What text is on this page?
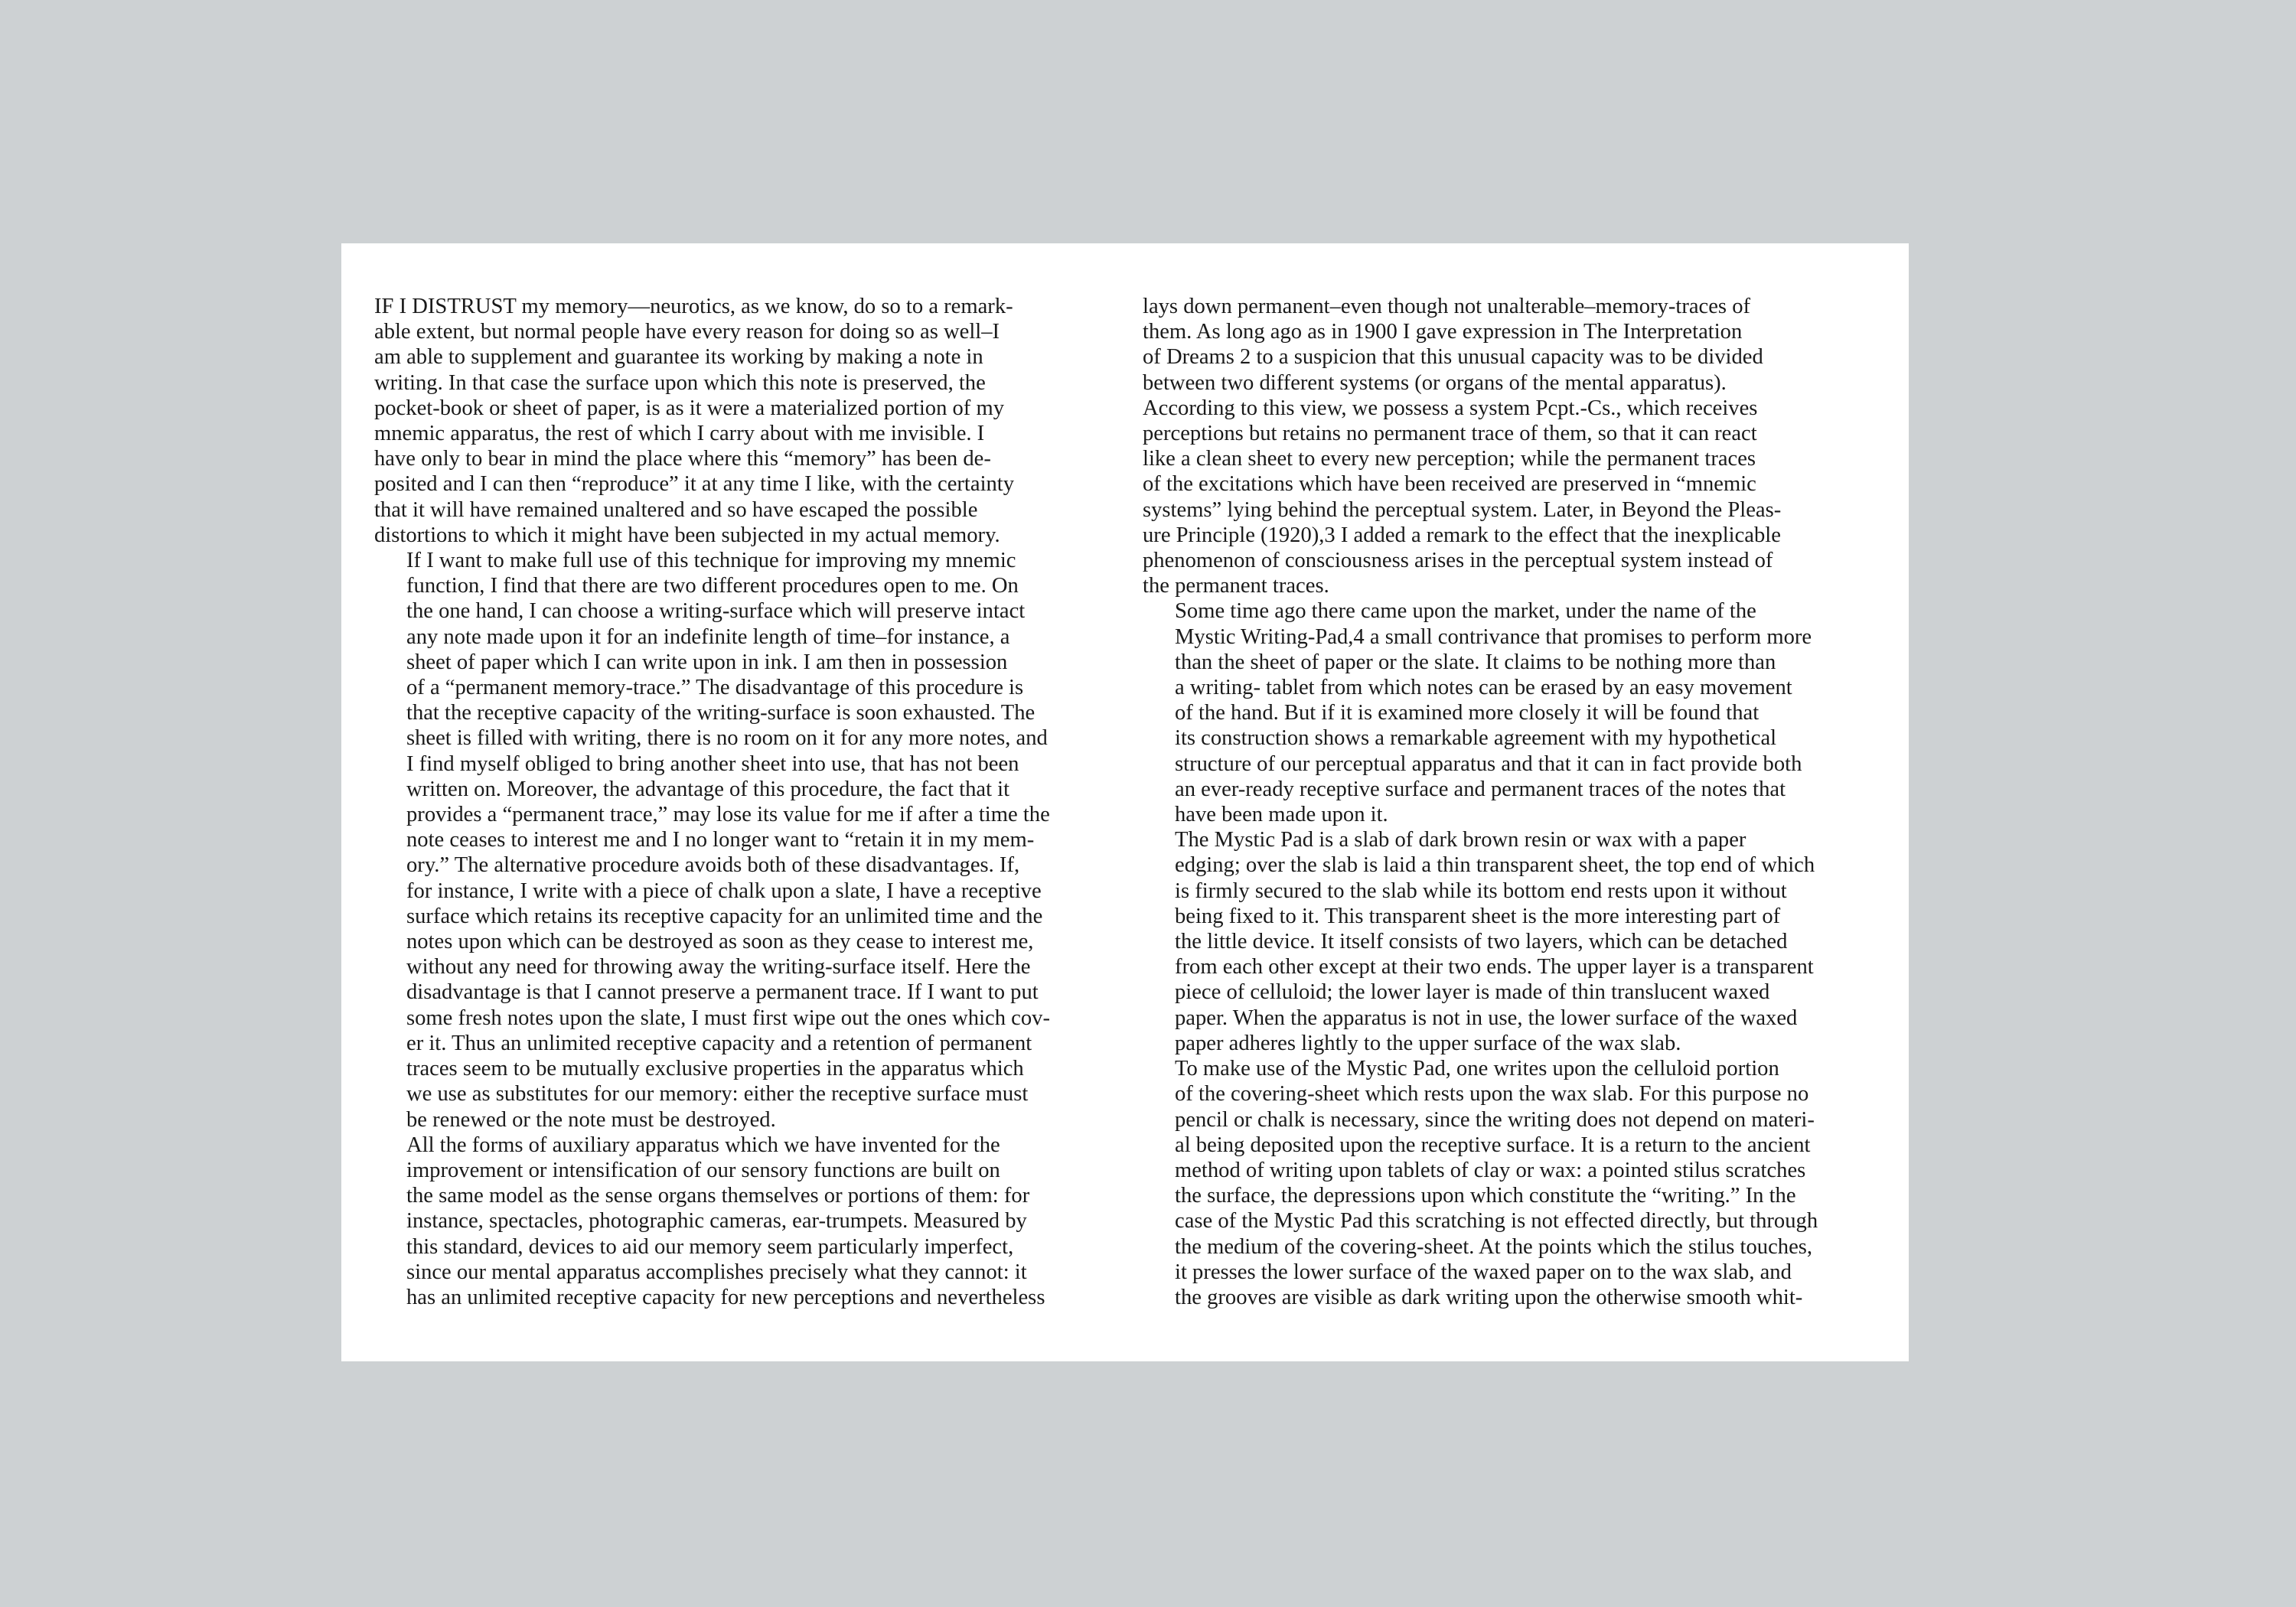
IF I DISTRUST my memory—neurotics, as we know, do so to a remark-
able extent, but normal people have every reason for doing so as well–I
am able to supplement and guarantee its working by making a note in
writing. In that case the surface upon which this note is preserved, the
pocket-book or sheet of paper, is as it were a materialized portion of my
mnemic apparatus, the rest of which I carry about with me invisible. I
have only to bear in mind the place where this “memory” has been de-
posited and I can then “reproduce” it at any time I like, with the certainty
that it will have remained unaltered and so have escaped the possible
distortions to which it might have been subjected in my actual memory.

If I want to make full use of this technique for improving my mnemic
function, I find that there are two different procedures open to me. On
the one hand, I can choose a writing-surface which will preserve intact
any note made upon it for an indefinite length of time–for instance, a
sheet of paper which I can write upon in ink. I am then in possession
of a “permanent memory-trace.” The disadvantage of this procedure is
that the receptive capacity of the writing-surface is soon exhausted. The
sheet is filled with writing, there is no room on it for any more notes, and
I find myself obliged to bring another sheet into use, that has not been
written on. Moreover, the advantage of this procedure, the fact that it
provides a “permanent trace,” may lose its value for me if after a time the
note ceases to interest me and I no longer want to “retain it in my mem-
ory.” The alternative procedure avoids both of these disadvantages. If,
for instance, I write with a piece of chalk upon a slate, I have a receptive
surface which retains its receptive capacity for an unlimited time and the
notes upon which can be destroyed as soon as they cease to interest me,
without any need for throwing away the writing-surface itself. Here the
disadvantage is that I cannot preserve a permanent trace. If I want to put
some fresh notes upon the slate, I must first wipe out the ones which cov-
er it. Thus an unlimited receptive capacity and a retention of permanent
traces seem to be mutually exclusive properties in the apparatus which
we use as substitutes for our memory: either the receptive surface must
be renewed or the note must be destroyed.

All the forms of auxiliary apparatus which we have invented for the
improvement or intensification of our sensory functions are built on
the same model as the sense organs themselves or portions of them: for
instance, spectacles, photographic cameras, ear-trumpets. Measured by
this standard, devices to aid our memory seem particularly imperfect,
since our mental apparatus accomplishes precisely what they cannot: it
has an unlimited receptive capacity for new perceptions and nevertheless

lays down permanent–even though not unalterable–memory-traces of
them. As long ago as in 1900 I gave expression in The Interpretation
of Dreams 2 to a suspicion that this unusual capacity was to be divided
between two different systems (or organs of the mental apparatus).
According to this view, we possess a system Pcpt.-Cs., which receives
perceptions but retains no permanent trace of them, so that it can react
like a clean sheet to every new perception; while the permanent traces
of the excitations which have been received are preserved in “mnemic
systems” lying behind the perceptual system. Later, in Beyond the Pleas-
ure Principle (1920),3 I added a remark to the effect that the inexplicable
phenomenon of consciousness arises in the perceptual system instead of
the permanent traces.

Some time ago there came upon the market, under the name of the
Mystic Writing-Pad,4 a small contrivance that promises to perform more
than the sheet of paper or the slate. It claims to be nothing more than
a writing- tablet from which notes can be erased by an easy movement
of the hand. But if it is examined more closely it will be found that
its construction shows a remarkable agreement with my hypothetical
structure of our perceptual apparatus and that it can in fact provide both
an ever-ready receptive surface and permanent traces of the notes that
have been made upon it.

The Mystic Pad is a slab of dark brown resin or wax with a paper
edging; over the slab is laid a thin transparent sheet, the top end of which
is firmly secured to the slab while its bottom end rests upon it without
being fixed to it. This transparent sheet is the more interesting part of
the little device. It itself consists of two layers, which can be detached
from each other except at their two ends. The upper layer is a transparent
piece of celluloid; the lower layer is made of thin translucent waxed
paper. When the apparatus is not in use, the lower surface of the waxed
paper adheres lightly to the upper surface of the wax slab.

To make use of the Mystic Pad, one writes upon the celluloid portion
of the covering-sheet which rests upon the wax slab. For this purpose no
pencil or chalk is necessary, since the writing does not depend on materi-
al being deposited upon the receptive surface. It is a return to the ancient
method of writing upon tablets of clay or wax: a pointed stilus scratches
the surface, the depressions upon which constitute the “writing.” In the
case of the Mystic Pad this scratching is not effected directly, but through
the medium of the covering-sheet. At the points which the stilus touches,
it presses the lower surface of the waxed paper on to the wax slab, and
the grooves are visible as dark writing upon the otherwise smooth whit-
